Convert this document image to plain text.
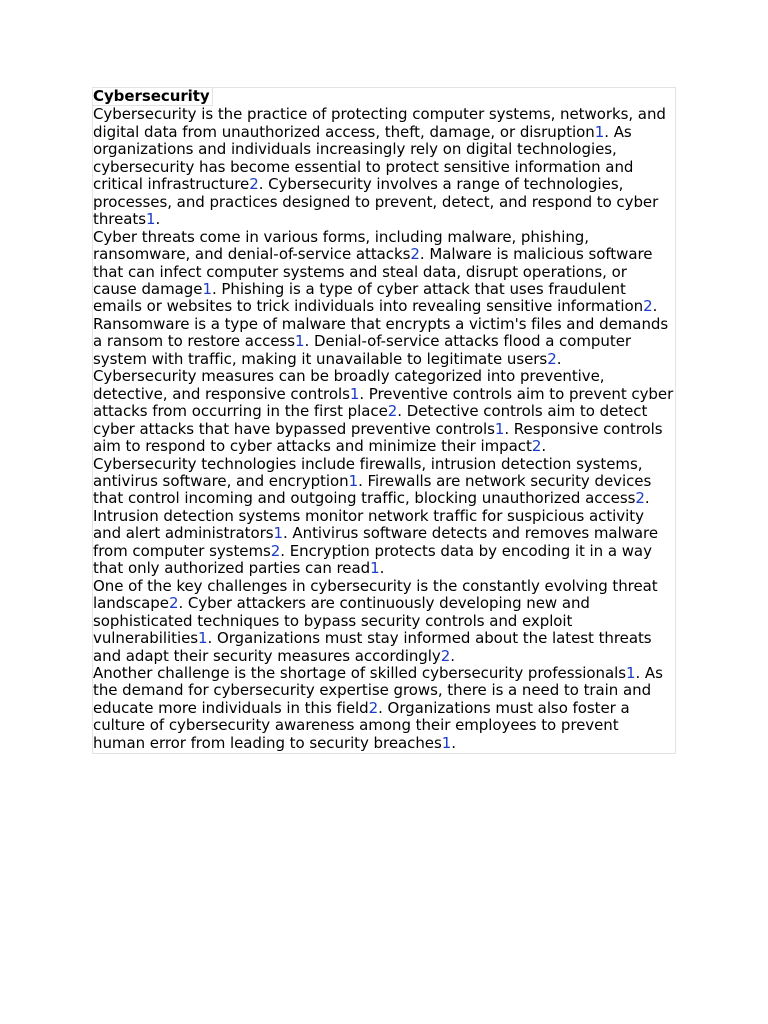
Cybersecurity

Cybersecurity is the practice of protecting computer systems, networks, and digital data from unauthorized access, theft, damage, or disruption1. As organizations and individuals increasingly rely on digital technologies, cybersecurity has become essential to protect sensitive information and critical infrastructure2. Cybersecurity involves a range of technologies, processes, and practices designed to prevent, detect, and respond to cyber threats1.

Cyber threats come in various forms, including malware, phishing, ransomware, and denial-of-service attacks2. Malware is malicious software that can infect computer systems and steal data, disrupt operations, or cause damage1. Phishing is a type of cyber attack that uses fraudulent emails or websites to trick individuals into revealing sensitive information2. Ransomware is a type of malware that encrypts a victim's files and demands a ransom to restore access1. Denial-of-service attacks flood a computer system with traffic, making it unavailable to legitimate users2.

Cybersecurity measures can be broadly categorized into preventive, detective, and responsive controls1. Preventive controls aim to prevent cyber attacks from occurring in the first place2. Detective controls aim to detect cyber attacks that have bypassed preventive controls1. Responsive controls aim to respond to cyber attacks and minimize their impact2.

Cybersecurity technologies include firewalls, intrusion detection systems, antivirus software, and encryption1. Firewalls are network security devices that control incoming and outgoing traffic, blocking unauthorized access2. Intrusion detection systems monitor network traffic for suspicious activity and alert administrators1. Antivirus software detects and removes malware from computer systems2. Encryption protects data by encoding it in a way that only authorized parties can read1.

One of the key challenges in cybersecurity is the constantly evolving threat landscape2. Cyber attackers are continuously developing new and sophisticated techniques to bypass security controls and exploit vulnerabilities1. Organizations must stay informed about the latest threats and adapt their security measures accordingly2.

Another challenge is the shortage of skilled cybersecurity professionals1. As the demand for cybersecurity expertise grows, there is a need to train and educate more individuals in this field2. Organizations must also foster a culture of cybersecurity awareness among their employees to prevent human error from leading to security breaches1.
